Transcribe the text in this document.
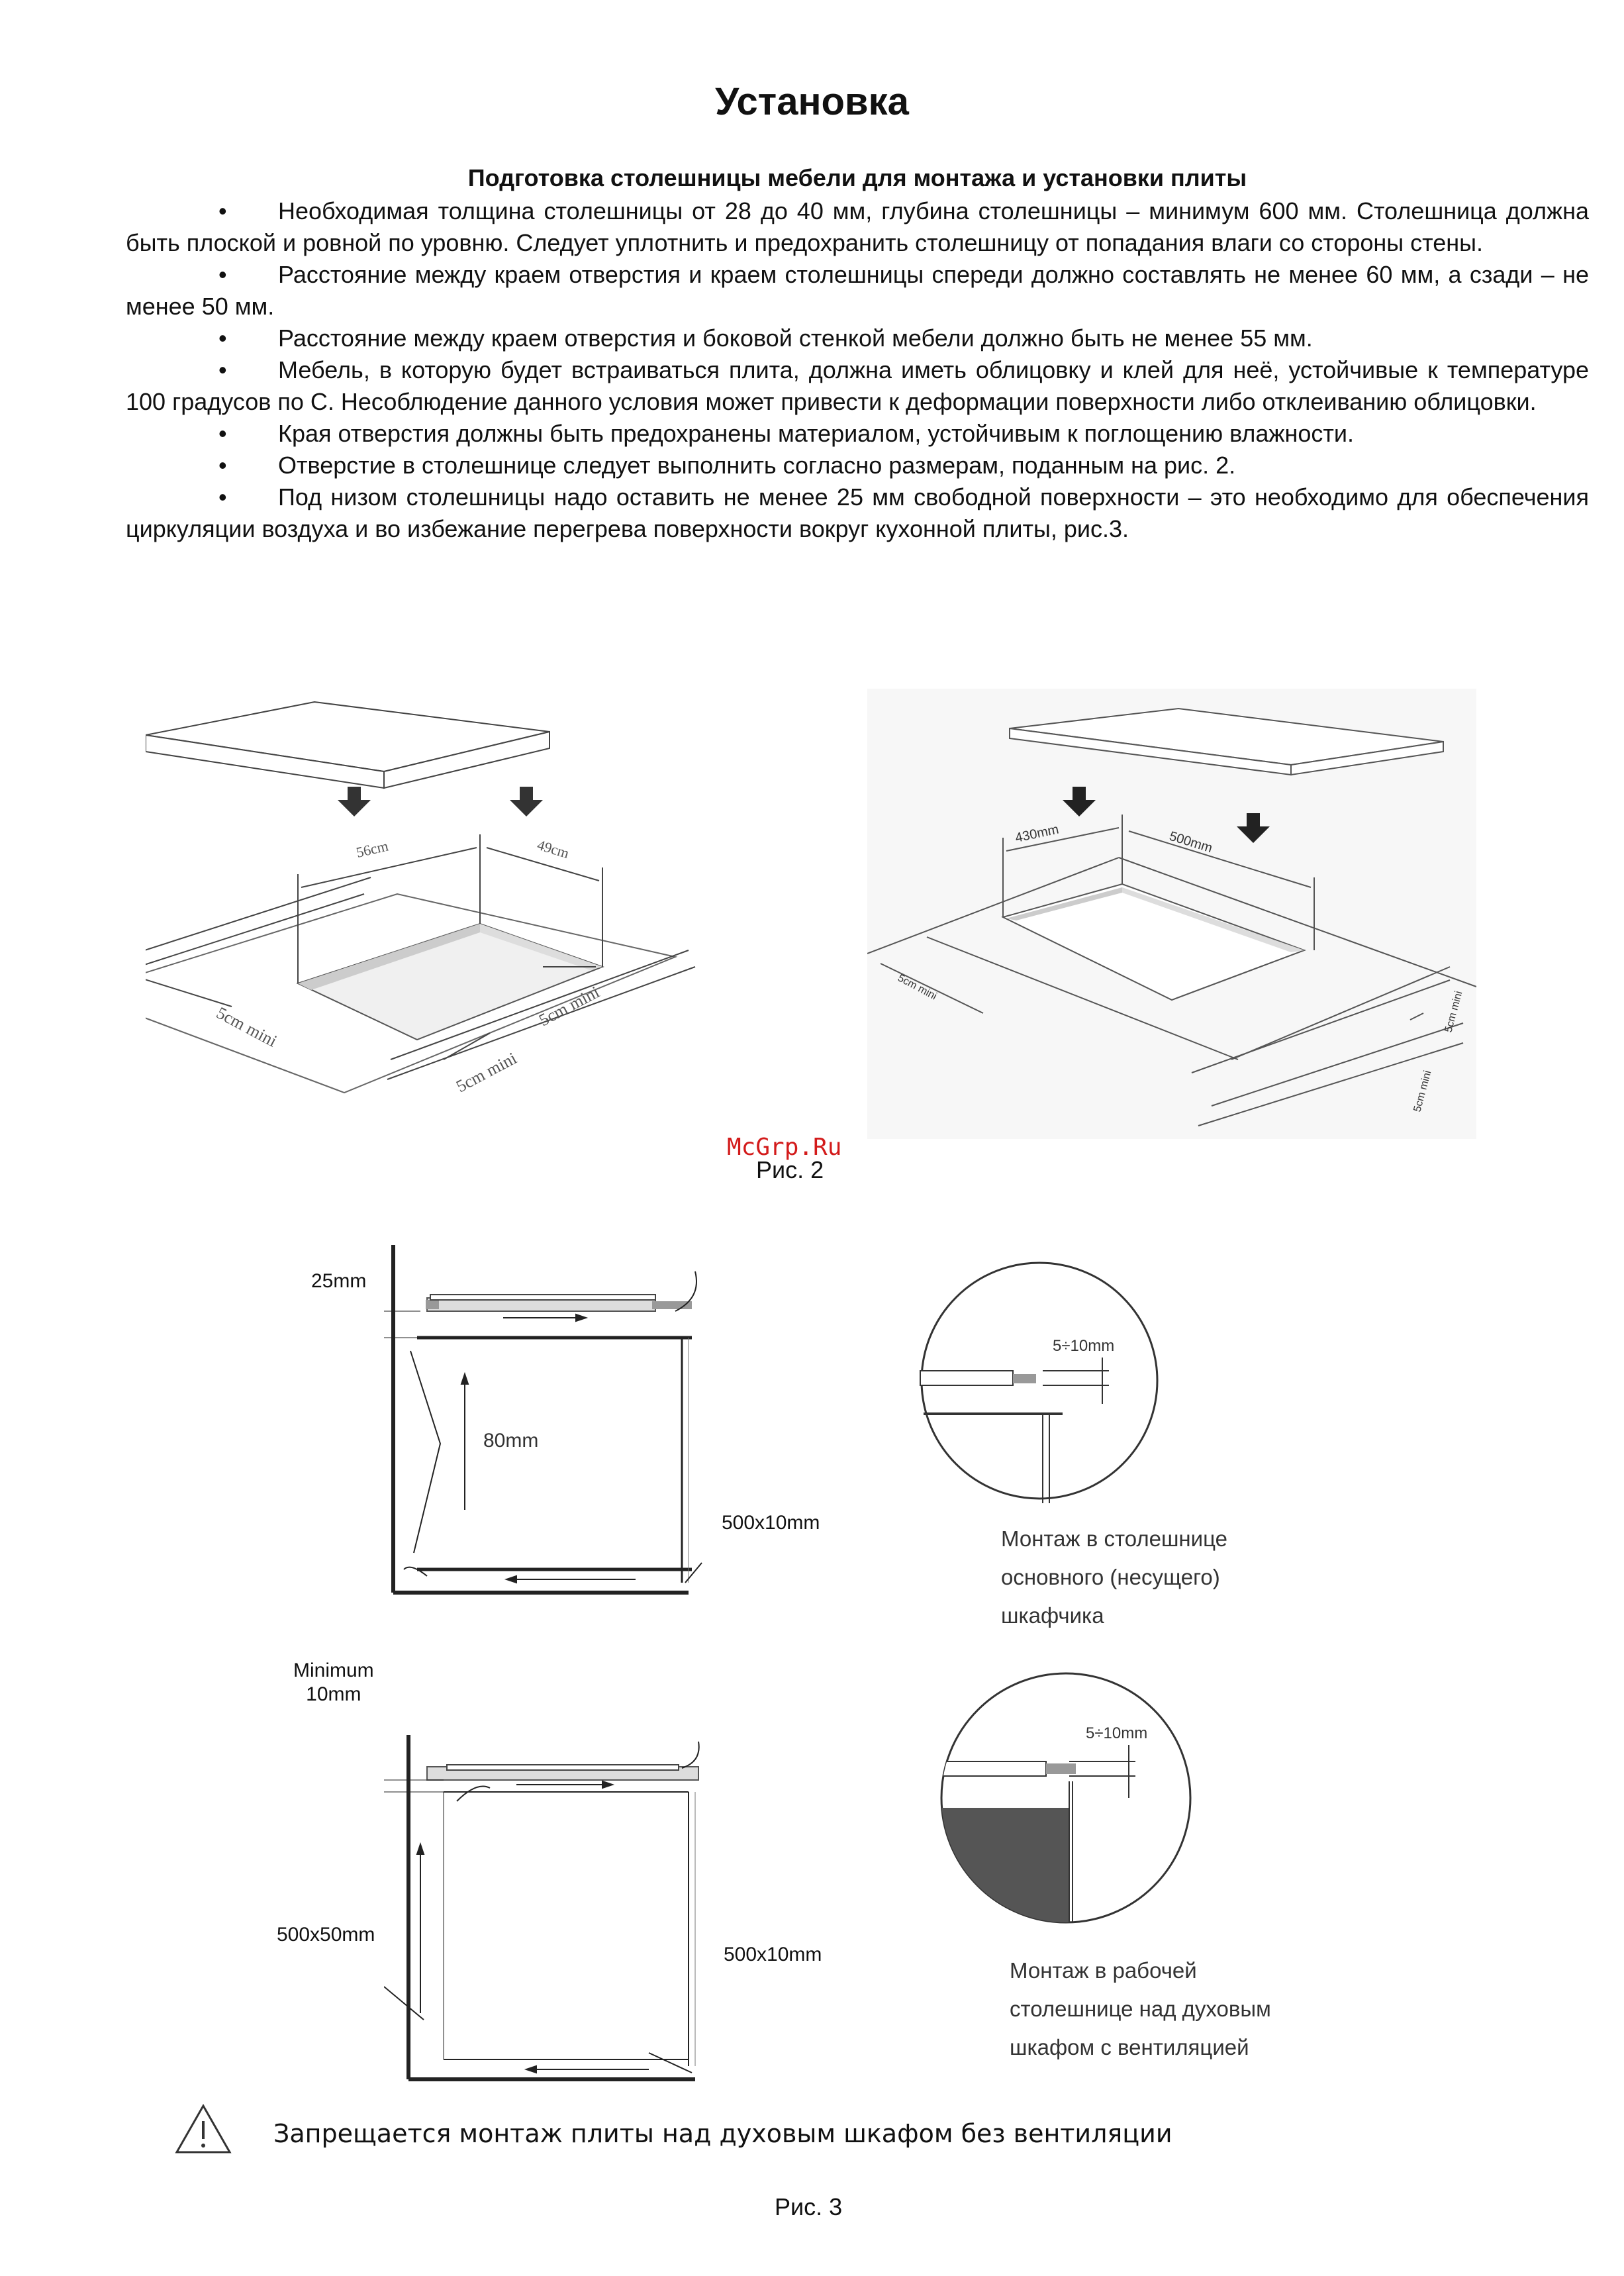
Установка
Подготовка столешницы мебели для монтажа и установки плиты

• Необходимая толщина столешницы от 28 до 40 мм, глубина столешницы – минимум 600 мм. Столешница должна быть плоской и ровной по уровню. Следует уплотнить и предохранить столешницу от попадания влаги со стороны стены.

• Расстояние между краем отверстия и краем столешницы спереди должно составлять не менее 60 мм, а сзади – не менее 50 мм.

• Расстояние между краем отверстия и боковой стенкой мебели должно быть не менее 55 мм.

• Мебель, в которую будет встраиваться плита, должна иметь облицовку и клей для неё, устойчивые к температуре 100 градусов по С. Несоблюдение данного условия может привести к деформации поверхности либо отклеиванию облицовки.

• Края отверстия должны быть предохранены материалом, устойчивым к поглощению влажности.

• Отверстие в столешнице следует выполнить согласно размерам, поданным на рис. 2.

• Под низом столешницы надо оставить не менее 25 мм свободной поверхности – это необходимо для обеспечения циркуляции воздуха и во избежание перегрева поверхности вокруг кухонной плиты, рис.3.

56cm	49cm
5cm mini
5cm mini
5cm mini
430mm	500mm
5cm mini
5cm mini
5cm mini
McGrp.Ru
Рис. 2
80mm
25mm
500x10mm
5÷10mm
Монтаж в столешнице
основного (несущего)
шкафчика
Minimum
10mm
500x50mm
500x10mm
5÷10mm
Монтаж в рабочей
столешнице над духовым
шкафом с вентиляцией
Запрещается монтаж плиты над духовым шкафом без вентиляции
Рис. 3
